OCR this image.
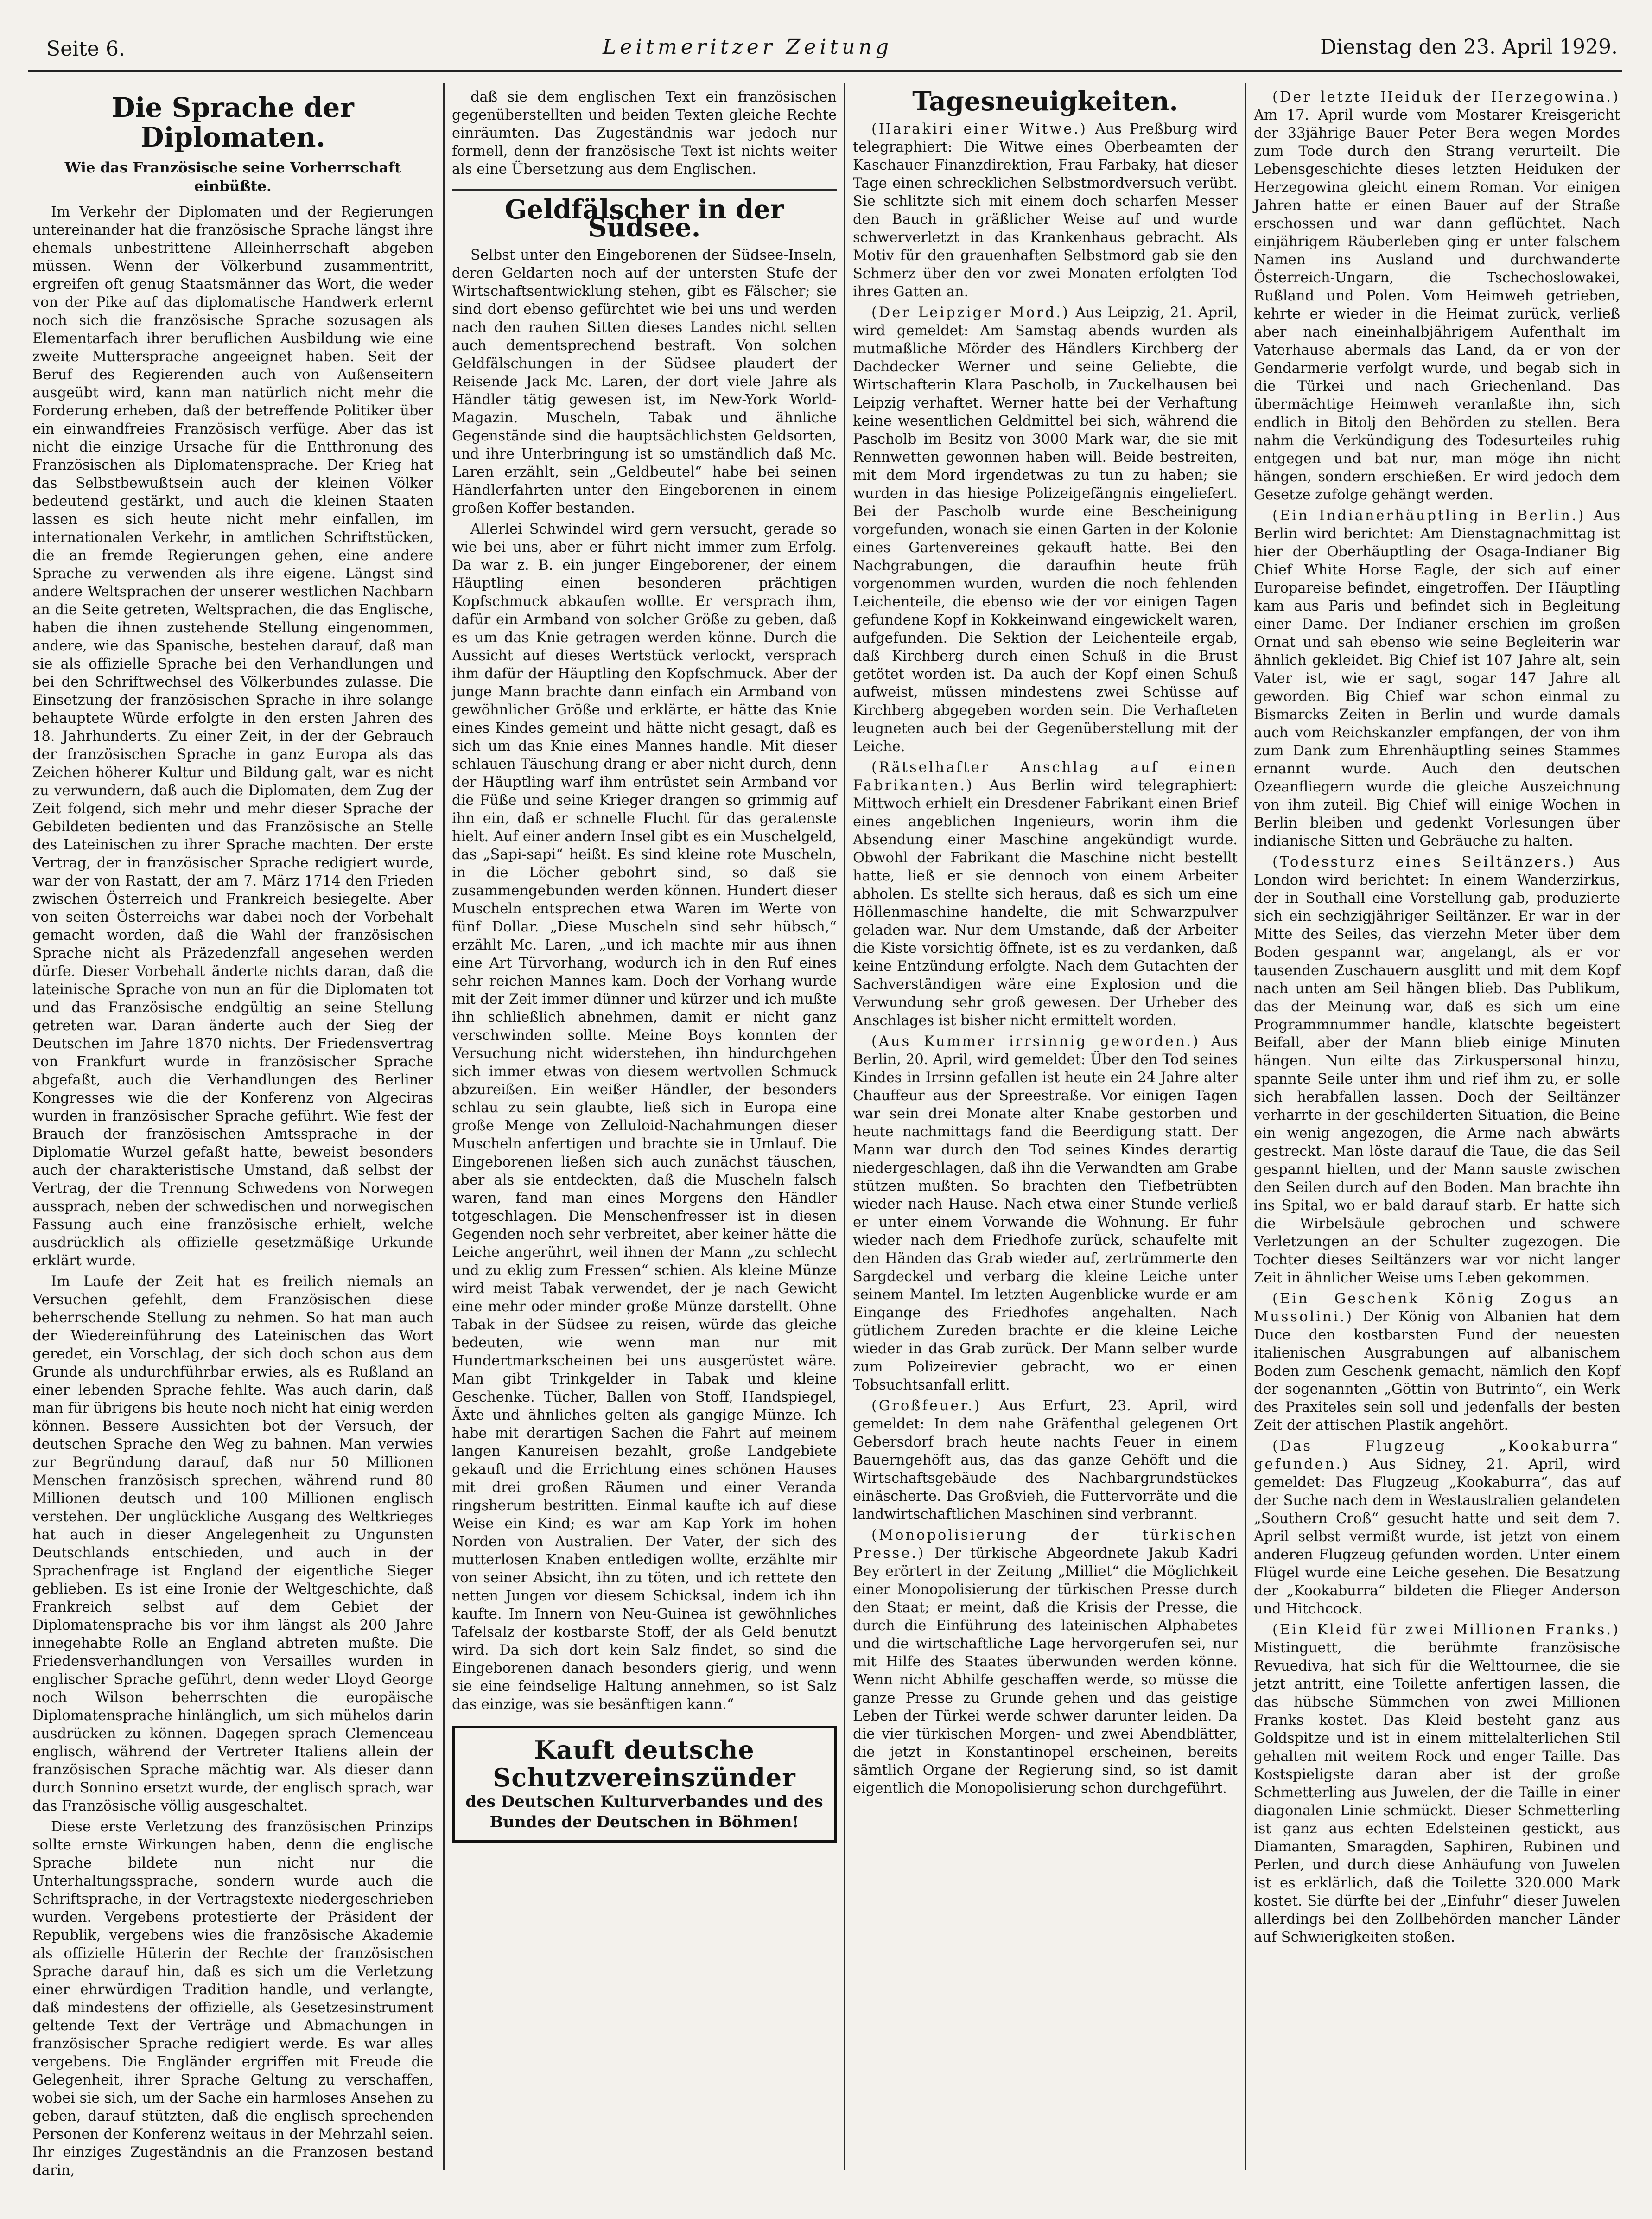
Seite 6.	Leitmeritzer Zeitung	Dienstag den 23. April 1929.
Die Sprache der Diplomaten.
Wie das Französische seine Vorherrschaft einbüßte.

Im Verkehr der Diplomaten und der Regierungen untereinander hat die französische Sprache längst ihre ehemals unbestrittene Alleinherrschaft abgeben müssen. Wenn der Völkerbund zusammentritt, ergreifen oft genug Staatsmänner das Wort, die weder von der Pike auf das diplomatische Handwerk erlernt noch sich die französische Sprache sozusagen als Elementarfach ihrer beruflichen Ausbildung wie eine zweite Muttersprache angeeignet haben. Seit der Beruf des Regierenden auch von Außenseitern ausgeübt wird, kann man natürlich nicht mehr die Forderung erheben, daß der betreffende Politiker über ein einwandfreies Französisch verfüge. Aber das ist nicht die einzige Ursache für die Entthronung des Französischen als Diplomatensprache. Der Krieg hat das Selbstbewußtsein auch der kleinen Völker bedeutend gestärkt, und auch die kleinen Staaten lassen es sich heute nicht mehr einfallen, im internationalen Verkehr, in amtlichen Schriftstücken, die an fremde Regierungen gehen, eine andere Sprache zu verwenden als ihre eigene. Längst sind andere Weltsprachen der unserer westlichen Nachbarn an die Seite getreten, Weltsprachen, die das Englische, haben die ihnen zustehende Stellung eingenommen, andere, wie das Spanische, bestehen darauf, daß man sie als offizielle Sprache bei den Verhandlungen und bei den Schriftwechsel des Völkerbundes zulasse. Die Einsetzung der französischen Sprache in ihre solange behauptete Würde erfolgte in den ersten Jahren des 18. Jahrhunderts. Zu einer Zeit, in der der Gebrauch der französischen Sprache in ganz Europa als das Zeichen höherer Kultur und Bildung galt, war es nicht zu verwundern, daß auch die Diplomaten, dem Zug der Zeit folgend, sich mehr und mehr dieser Sprache der Gebildeten bedienten und das Französische an Stelle des Lateinischen zu ihrer Sprache machten. Der erste Vertrag, der in französischer Sprache redigiert wurde, war der von Rastatt, der am 7. März 1714 den Frieden zwischen Österreich und Frankreich besiegelte. Aber von seiten Österreichs war dabei noch der Vorbehalt gemacht worden, daß die Wahl der französischen Sprache nicht als Präzedenzfall angesehen werden dürfe. Dieser Vorbehalt änderte nichts daran, daß die lateinische Sprache von nun an für die Diplomaten tot und das Französische endgültig an seine Stellung getreten war. Daran änderte auch der Sieg der Deutschen im Jahre 1870 nichts. Der Friedensvertrag von Frankfurt wurde in französischer Sprache abgefaßt, auch die Verhandlungen des Berliner Kongresses wie die der Konferenz von Algeciras wurden in französischer Sprache geführt. Wie fest der Brauch der französischen Amtssprache in der Diplomatie Wurzel gefaßt hatte, beweist besonders auch der charakteristische Umstand, daß selbst der Vertrag, der die Trennung Schwedens von Norwegen aussprach, neben der schwedischen und norwegischen Fassung auch eine französische erhielt, welche ausdrücklich als offizielle gesetzmäßige Urkunde erklärt wurde.

Im Laufe der Zeit hat es freilich niemals an Versuchen gefehlt, dem Französischen diese beherrschende Stellung zu nehmen. So hat man auch der Wiedereinführung des Lateinischen das Wort geredet, ein Vorschlag, der sich doch schon aus dem Grunde als undurchführbar erwies, als es Rußland an einer lebenden Sprache fehlte. Was auch darin, daß man für übrigens bis heute noch nicht hat einig werden können. Bessere Aussichten bot der Versuch, der deutschen Sprache den Weg zu bahnen. Man verwies zur Begründung darauf, daß nur 50 Millionen Menschen französisch sprechen, während rund 80 Millionen deutsch und 100 Millionen englisch verstehen. Der unglückliche Ausgang des Weltkrieges hat auch in dieser Angelegenheit zu Ungunsten Deutschlands entschieden, und auch in der Sprachenfrage ist England der eigentliche Sieger geblieben. Es ist eine Ironie der Weltgeschichte, daß Frankreich selbst auf dem Gebiet der Diplomatensprache bis vor ihm längst als 200 Jahre innegehabte Rolle an England abtreten mußte. Die Friedensverhandlungen von Versailles wurden in englischer Sprache geführt, denn weder Lloyd George noch Wilson beherrschten die europäische Diplomatensprache hinlänglich, um sich mühelos darin ausdrücken zu können. Dagegen sprach Clemenceau englisch, während der Vertreter Italiens allein der französischen Sprache mächtig war. Als dieser dann durch Sonnino ersetzt wurde, der englisch sprach, war das Französische völlig ausgeschaltet.

Diese erste Verletzung des französischen Prinzips sollte ernste Wirkungen haben, denn die englische Sprache bildete nun nicht nur die Unterhaltungssprache, sondern wurde auch die Schriftsprache, in der Vertragstexte niedergeschrieben wurden. Vergebens protestierte der Präsident der Republik, vergebens wies die französische Akademie als offizielle Hüterin der Rechte der französischen Sprache darauf hin, daß es sich um die Verletzung einer ehrwürdigen Tradition handle, und verlangte, daß mindestens der offizielle, als Gesetzesinstrument geltende Text der Verträge und Abmachungen in französischer Sprache redigiert werde. Es war alles vergebens. Die Engländer ergriffen mit Freude die Gelegenheit, ihrer Sprache Geltung zu verschaffen, wobei sie sich, um der Sache ein harmloses Ansehen zu geben, darauf stützten, daß die englisch sprechenden Personen der Konferenz weitaus in der Mehrzahl seien. Ihr einziges Zugeständnis an die Franzosen bestand darin,

daß sie dem englischen Text ein französischen gegenüberstellten und beiden Texten gleiche Rechte einräumten. Das Zugeständnis war jedoch nur formell, denn der französische Text ist nichts weiter als eine Übersetzung aus dem Englischen.

Geldfälscher in der Südsee.

Selbst unter den Eingeborenen der Südsee-Inseln, deren Geldarten noch auf der untersten Stufe der Wirtschaftsentwicklung stehen, gibt es Fälscher; sie sind dort ebenso gefürchtet wie bei uns und werden nach den rauhen Sitten dieses Landes nicht selten auch dementsprechend bestraft. Von solchen Geldfälschungen in der Südsee plaudert der Reisende Jack Mc. Laren, der dort viele Jahre als Händler tätig gewesen ist, im New-York World-Magazin. Muscheln, Tabak und ähnliche Gegenstände sind die hauptsächlichsten Geldsorten, und ihre Unterbringung ist so umständlich daß Mc. Laren erzählt, sein „Geldbeutel“ habe bei seinen Händlerfahrten unter den Eingeborenen in einem großen Koffer bestanden.

Allerlei Schwindel wird gern versucht, gerade so wie bei uns, aber er führt nicht immer zum Erfolg. Da war z. B. ein junger Eingeborener, der einem Häuptling einen besonderen prächtigen Kopfschmuck abkaufen wollte. Er versprach ihm, dafür ein Armband von solcher Größe zu geben, daß es um das Knie getragen werden könne. Durch die Aussicht auf dieses Wertstück verlockt, versprach ihm dafür der Häuptling den Kopfschmuck. Aber der junge Mann brachte dann einfach ein Armband von gewöhnlicher Größe und erklärte, er hätte das Knie eines Kindes gemeint und hätte nicht gesagt, daß es sich um das Knie eines Mannes handle. Mit dieser schlauen Täuschung drang er aber nicht durch, denn der Häuptling warf ihm entrüstet sein Armband vor die Füße und seine Krieger drangen so grimmig auf ihn ein, daß er schnelle Flucht für das geratenste hielt. Auf einer andern Insel gibt es ein Muschelgeld, das „Sapi-sapi“ heißt. Es sind kleine rote Muscheln, in die Löcher gebohrt sind, so daß sie zusammengebunden werden können. Hundert dieser Muscheln entsprechen etwa Waren im Werte von fünf Dollar. „Diese Muscheln sind sehr hübsch,“ erzählt Mc. Laren, „und ich machte mir aus ihnen eine Art Türvorhang, wodurch ich in den Ruf eines sehr reichen Mannes kam. Doch der Vorhang wurde mit der Zeit immer dünner und kürzer und ich mußte ihn schließlich abnehmen, damit er nicht ganz verschwinden sollte. Meine Boys konnten der Versuchung nicht widerstehen, ihn hindurchgehen sich immer etwas von diesem wertvollen Schmuck abzureißen. Ein weißer Händler, der besonders schlau zu sein glaubte, ließ sich in Europa eine große Menge von Zelluloid-Nachahmungen dieser Muscheln anfertigen und brachte sie in Umlauf. Die Eingeborenen ließen sich auch zunächst täuschen, aber als sie entdeckten, daß die Muscheln falsch waren, fand man eines Morgens den Händler totgeschlagen. Die Menschenfresser ist in diesen Gegenden noch sehr verbreitet, aber keiner hätte die Leiche angerührt, weil ihnen der Mann „zu schlecht und zu eklig zum Fressen“ schien. Als kleine Münze wird meist Tabak verwendet, der je nach Gewicht eine mehr oder minder große Münze darstellt. Ohne Tabak in der Südsee zu reisen, würde das gleiche bedeuten, wie wenn man nur mit Hundertmarkscheinen bei uns ausgerüstet wäre. Man gibt Trinkgelder in Tabak und kleine Geschenke. Tücher, Ballen von Stoff, Handspiegel, Äxte und ähnliches gelten als gangige Münze. Ich habe mit derartigen Sachen die Fahrt auf meinem langen Kanureisen bezahlt, große Landgebiete gekauft und die Errichtung eines schönen Hauses mit drei großen Räumen und einer Veranda ringsherum bestritten. Einmal kaufte ich auf diese Weise ein Kind; es war am Kap York im hohen Norden von Australien. Der Vater, der sich des mutterlosen Knaben entledigen wollte, erzählte mir von seiner Absicht, ihn zu töten, und ich rettete den netten Jungen vor diesem Schicksal, indem ich ihn kaufte. Im Innern von Neu-Guinea ist gewöhnliches Tafelsalz der kostbarste Stoff, der als Geld benutzt wird. Da sich dort kein Salz findet, so sind die Eingeborenen danach besonders gierig, und wenn sie eine feindselige Haltung annehmen, so ist Salz das einzige, was sie besänftigen kann.“

Kauft deutsche Schutzvereinszünder
des Deutschen Kulturverbandes und des Bundes der Deutschen in Böhmen!
Tagesneuigkeiten.

(Harakiri einer Witwe.) Aus Preßburg wird telegraphiert: Die Witwe eines Oberbeamten der Kaschauer Finanzdirektion, Frau Farbaky, hat dieser Tage einen schrecklichen Selbstmordversuch verübt. Sie schlitzte sich mit einem doch scharfen Messer den Bauch in gräßlicher Weise auf und wurde schwerverletzt in das Krankenhaus gebracht. Als Motiv für den grauenhaften Selbstmord gab sie den Schmerz über den vor zwei Monaten erfolgten Tod ihres Gatten an.

(Der Leipziger Mord.) Aus Leipzig, 21. April, wird gemeldet: Am Samstag abends wurden als mutmaßliche Mörder des Händlers Kirchberg der Dachdecker Werner und seine Geliebte, die Wirtschafterin Klara Pascholb, in Zuckelhausen bei Leipzig verhaftet. Werner hatte bei der Verhaftung keine wesentlichen Geldmittel bei sich, während die Pascholb im Besitz von 3000 Mark war, die sie mit Rennwetten gewonnen haben will. Beide bestreiten, mit dem Mord irgendetwas zu tun zu haben; sie wurden in das hiesige Polizeigefängnis eingeliefert. Bei der Pascholb wurde eine Bescheinigung vorgefunden, wonach sie einen Garten in der Kolonie eines Gartenvereines gekauft hatte. Bei den Nachgrabungen, die daraufhin heute früh vorgenommen wurden, wurden die noch fehlenden Leichenteile, die ebenso wie der vor einigen Tagen gefundene Kopf in Kokkeinwand eingewickelt waren, aufgefunden. Die Sektion der Leichenteile ergab, daß Kirchberg durch einen Schuß in die Brust getötet worden ist. Da auch der Kopf einen Schuß aufweist, müssen mindestens zwei Schüsse auf Kirchberg abgegeben worden sein. Die Verhafteten leugneten auch bei der Gegenüberstellung mit der Leiche.

(Rätselhafter Anschlag auf einen Fabrikanten.) Aus Berlin wird telegraphiert: Mittwoch erhielt ein Dresdener Fabrikant einen Brief eines angeblichen Ingenieurs, worin ihm die Absendung einer Maschine angekündigt wurde. Obwohl der Fabrikant die Maschine nicht bestellt hatte, ließ er sie dennoch von einem Arbeiter abholen. Es stellte sich heraus, daß es sich um eine Höllenmaschine handelte, die mit Schwarzpulver geladen war. Nur dem Umstande, daß der Arbeiter die Kiste vorsichtig öffnete, ist es zu verdanken, daß keine Entzündung erfolgte. Nach dem Gutachten der Sachverständigen wäre eine Explosion und die Verwundung sehr groß gewesen. Der Urheber des Anschlages ist bisher nicht ermittelt worden.

(Aus Kummer irrsinnig geworden.) Aus Berlin, 20. April, wird gemeldet: Über den Tod seines Kindes in Irrsinn gefallen ist heute ein 24 Jahre alter Chauffeur aus der Spreestraße. Vor einigen Tagen war sein drei Monate alter Knabe gestorben und heute nachmittags fand die Beerdigung statt. Der Mann war durch den Tod seines Kindes derartig niedergeschlagen, daß ihn die Verwandten am Grabe stützen mußten. So brachten den Tiefbetrübten wieder nach Hause. Nach etwa einer Stunde verließ er unter einem Vorwande die Wohnung. Er fuhr wieder nach dem Friedhofe zurück, schaufelte mit den Händen das Grab wieder auf, zertrümmerte den Sargdeckel und verbarg die kleine Leiche unter seinem Mantel. Im letzten Augenblicke wurde er am Eingange des Friedhofes angehalten. Nach gütlichem Zureden brachte er die kleine Leiche wieder in das Grab zurück. Der Mann selber wurde zum Polizeirevier gebracht, wo er einen Tobsuchtsanfall erlitt.

(Großfeuer.) Aus Erfurt, 23. April, wird gemeldet: In dem nahe Gräfenthal gelegenen Ort Gebersdorf brach heute nachts Feuer in einem Bauerngehöft aus, das das ganze Gehöft und die Wirtschaftsgebäude des Nachbargrundstückes einäscherte. Das Großvieh, die Futtervorräte und die landwirtschaftlichen Maschinen sind verbrannt.

(Monopolisierung der türkischen Presse.) Der türkische Abgeordnete Jakub Kadri Bey erörtert in der Zeitung „Milliet“ die Möglichkeit einer Monopolisierung der türkischen Presse durch den Staat; er meint, daß die Krisis der Presse, die durch die Einführung des lateinischen Alphabetes und die wirtschaftliche Lage hervorgerufen sei, nur mit Hilfe des Staates überwunden werden könne. Wenn nicht Abhilfe geschaffen werde, so müsse die ganze Presse zu Grunde gehen und das geistige Leben der Türkei werde schwer darunter leiden. Da die vier türkischen Morgen- und zwei Abendblätter, die jetzt in Konstantinopel erscheinen, bereits sämtlich Organe der Regierung sind, so ist damit eigentlich die Monopolisierung schon durchgeführt.

(Der letzte Heiduk der Herzegowina.) Am 17. April wurde vom Mostarer Kreisgericht der 33jährige Bauer Peter Bera wegen Mordes zum Tode durch den Strang verurteilt. Die Lebensgeschichte dieses letzten Heiduken der Herzegowina gleicht einem Roman. Vor einigen Jahren hatte er einen Bauer auf der Straße erschossen und war dann geflüchtet. Nach einjährigem Räuberleben ging er unter falschem Namen ins Ausland und durchwanderte Österreich-Ungarn, die Tschechoslowakei, Rußland und Polen. Vom Heimweh getrieben, kehrte er wieder in die Heimat zurück, verließ aber nach eineinhalbjährigem Aufenthalt im Vaterhause abermals das Land, da er von der Gendarmerie verfolgt wurde, und begab sich in die Türkei und nach Griechenland. Das übermächtige Heimweh veranlaßte ihn, sich endlich in Bitolj den Behörden zu stellen. Bera nahm die Verkündigung des Todesurteiles ruhig entgegen und bat nur, man möge ihn nicht hängen, sondern erschießen. Er wird jedoch dem Gesetze zufolge gehängt werden.

(Ein Indianerhäuptling in Berlin.) Aus Berlin wird berichtet: Am Dienstagnachmittag ist hier der Oberhäuptling der Osaga-Indianer Big Chief White Horse Eagle, der sich auf einer Europareise befindet, eingetroffen. Der Häuptling kam aus Paris und befindet sich in Begleitung einer Dame. Der Indianer erschien im großen Ornat und sah ebenso wie seine Begleiterin war ähnlich gekleidet. Big Chief ist 107 Jahre alt, sein Vater ist, wie er sagt, sogar 147 Jahre alt geworden. Big Chief war schon einmal zu Bismarcks Zeiten in Berlin und wurde damals auch vom Reichskanzler empfangen, der von ihm zum Dank zum Ehrenhäuptling seines Stammes ernannt wurde. Auch den deutschen Ozeanfliegern wurde die gleiche Auszeichnung von ihm zuteil. Big Chief will einige Wochen in Berlin bleiben und gedenkt Vorlesungen über indianische Sitten und Gebräuche zu halten.

(Todessturz eines Seiltänzers.) Aus London wird berichtet: In einem Wanderzirkus, der in Southall eine Vorstellung gab, produzierte sich ein sechzigjähriger Seiltänzer. Er war in der Mitte des Seiles, das vierzehn Meter über dem Boden gespannt war, angelangt, als er vor tausenden Zuschauern ausglitt und mit dem Kopf nach unten am Seil hängen blieb. Das Publikum, das der Meinung war, daß es sich um eine Programmnummer handle, klatschte begeistert Beifall, aber der Mann blieb einige Minuten hängen. Nun eilte das Zirkuspersonal hinzu, spannte Seile unter ihm und rief ihm zu, er solle sich herabfallen lassen. Doch der Seiltänzer verharrte in der geschilderten Situation, die Beine ein wenig angezogen, die Arme nach abwärts gestreckt. Man löste darauf die Taue, die das Seil gespannt hielten, und der Mann sauste zwischen den Seilen durch auf den Boden. Man brachte ihn ins Spital, wo er bald darauf starb. Er hatte sich die Wirbelsäule gebrochen und schwere Verletzungen an der Schulter zugezogen. Die Tochter dieses Seiltänzers war vor nicht langer Zeit in ähnlicher Weise ums Leben gekommen.

(Ein Geschenk König Zogus an Mussolini.) Der König von Albanien hat dem Duce den kostbarsten Fund der neuesten italienischen Ausgrabungen auf albanischem Boden zum Geschenk gemacht, nämlich den Kopf der sogenannten „Göttin von Butrinto“, ein Werk des Praxiteles sein soll und jedenfalls der besten Zeit der attischen Plastik angehört.

(Das Flugzeug „Kookaburra“ gefunden.) Aus Sidney, 21. April, wird gemeldet: Das Flugzeug „Kookaburra“, das auf der Suche nach dem in Westaustralien gelandeten „Southern Croß“ gesucht hatte und seit dem 7. April selbst vermißt wurde, ist jetzt von einem anderen Flugzeug gefunden worden. Unter einem Flügel wurde eine Leiche gesehen. Die Besatzung der „Kookaburra“ bildeten die Flieger Anderson und Hitchcock.

(Ein Kleid für zwei Millionen Franks.) Mistinguett, die berühmte französische Revuediva, hat sich für die Welttournee, die sie jetzt antritt, eine Toilette anfertigen lassen, die das hübsche Sümmchen von zwei Millionen Franks kostet. Das Kleid besteht ganz aus Goldspitze und ist in einem mittelalterlichen Stil gehalten mit weitem Rock und enger Taille. Das Kostspieligste daran aber ist der große Schmetterling aus Juwelen, der die Taille in einer diagonalen Linie schmückt. Dieser Schmetterling ist ganz aus echten Edelsteinen gestickt, aus Diamanten, Smaragden, Saphiren, Rubinen und Perlen, und durch diese Anhäufung von Juwelen ist es erklärlich, daß die Toilette 320.000 Mark kostet. Sie dürfte bei der „Einfuhr“ dieser Juwelen allerdings bei den Zollbehörden mancher Länder auf Schwierigkeiten stoßen.
